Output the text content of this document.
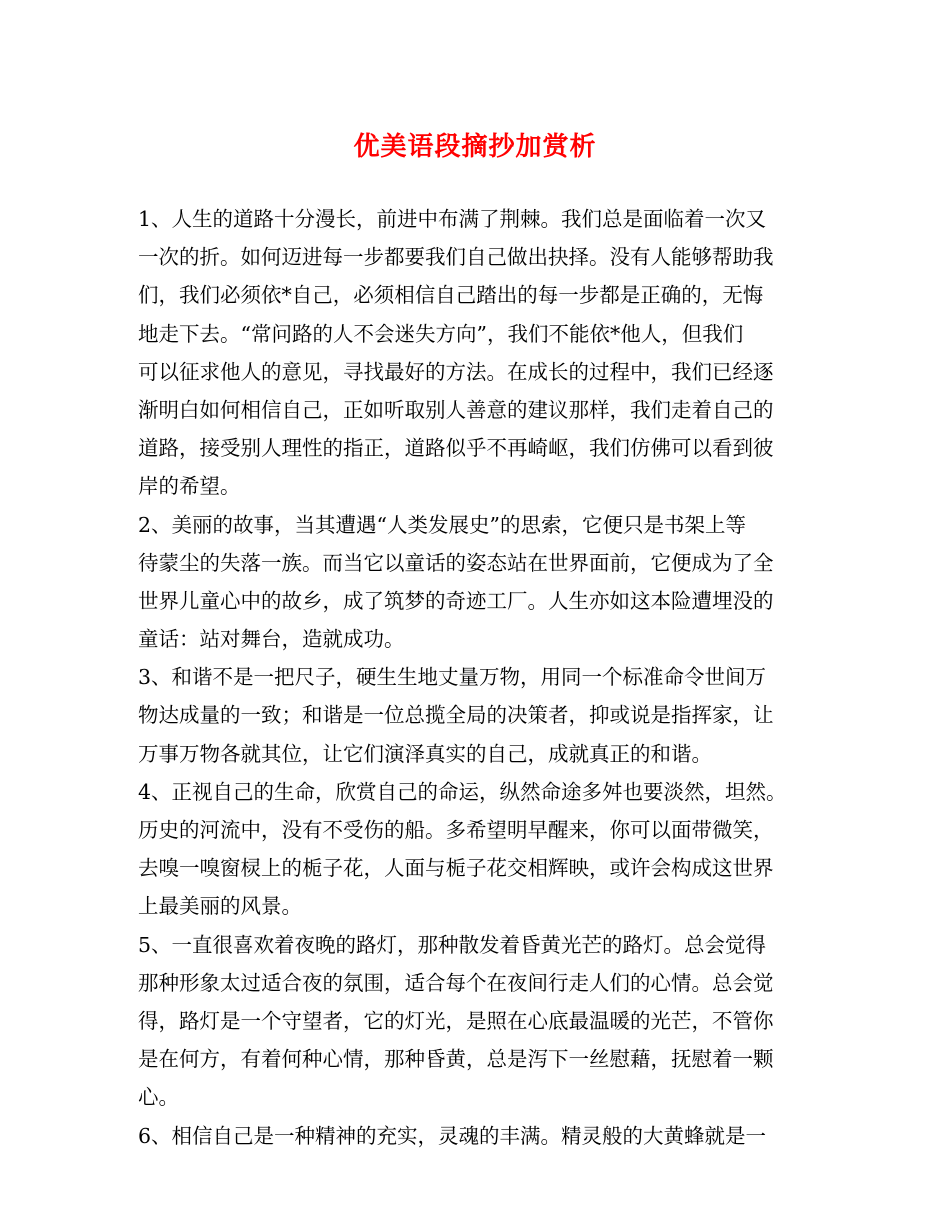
优美语段摘抄加赏析
1、人生的道路十分漫长，前进中布满了荆棘。我们总是面临着一次又
一次的折。如何迈进每一步都要我们自己做出抉择。没有人能够帮助我
们，我们必须依*自己，必须相信自己踏出的每一步都是正确的，无悔
地走下去。“常问路的人不会迷失方向”，我们不能依*他人，但我们
可以征求他人的意见，寻找最好的方法。在成长的过程中，我们已经逐
渐明白如何相信自己，正如听取别人善意的建议那样，我们走着自己的
道路，接受别人理性的指正，道路似乎不再崎岖，我们仿佛可以看到彼
岸的希望。
2、美丽的故事，当其遭遇“人类发展史”的思索，它便只是书架上等
待蒙尘的失落一族。而当它以童话的姿态站在世界面前，它便成为了全
世界儿童心中的故乡，成了筑梦的奇迹工厂。人生亦如这本险遭埋没的
童话：站对舞台，造就成功。
3、和谐不是一把尺子，硬生生地丈量万物，用同一个标准命令世间万
物达成量的一致；和谐是一位总揽全局的决策者，抑或说是指挥家，让
万事万物各就其位，让它们演泽真实的自己，成就真正的和谐。
4、正视自己的生命，欣赏自己的命运，纵然命途多舛也要淡然，坦然。
历史的河流中，没有不受伤的船。多希望明早醒来，你可以面带微笑，
去嗅一嗅窗棂上的栀子花，人面与栀子花交相辉映，或许会构成这世界
上最美丽的风景。
5、一直很喜欢着夜晚的路灯，那种散发着昏黄光芒的路灯。总会觉得
那种形象太过适合夜的氛围，适合每个在夜间行走人们的心情。总会觉
得，路灯是一个守望者，它的灯光，是照在心底最温暖的光芒，不管你
是在何方，有着何种心情，那种昏黄，总是泻下一丝慰藉，抚慰着一颗
心。
6、相信自己是一种精神的充实，灵魂的丰满。精灵般的大黄蜂就是一
